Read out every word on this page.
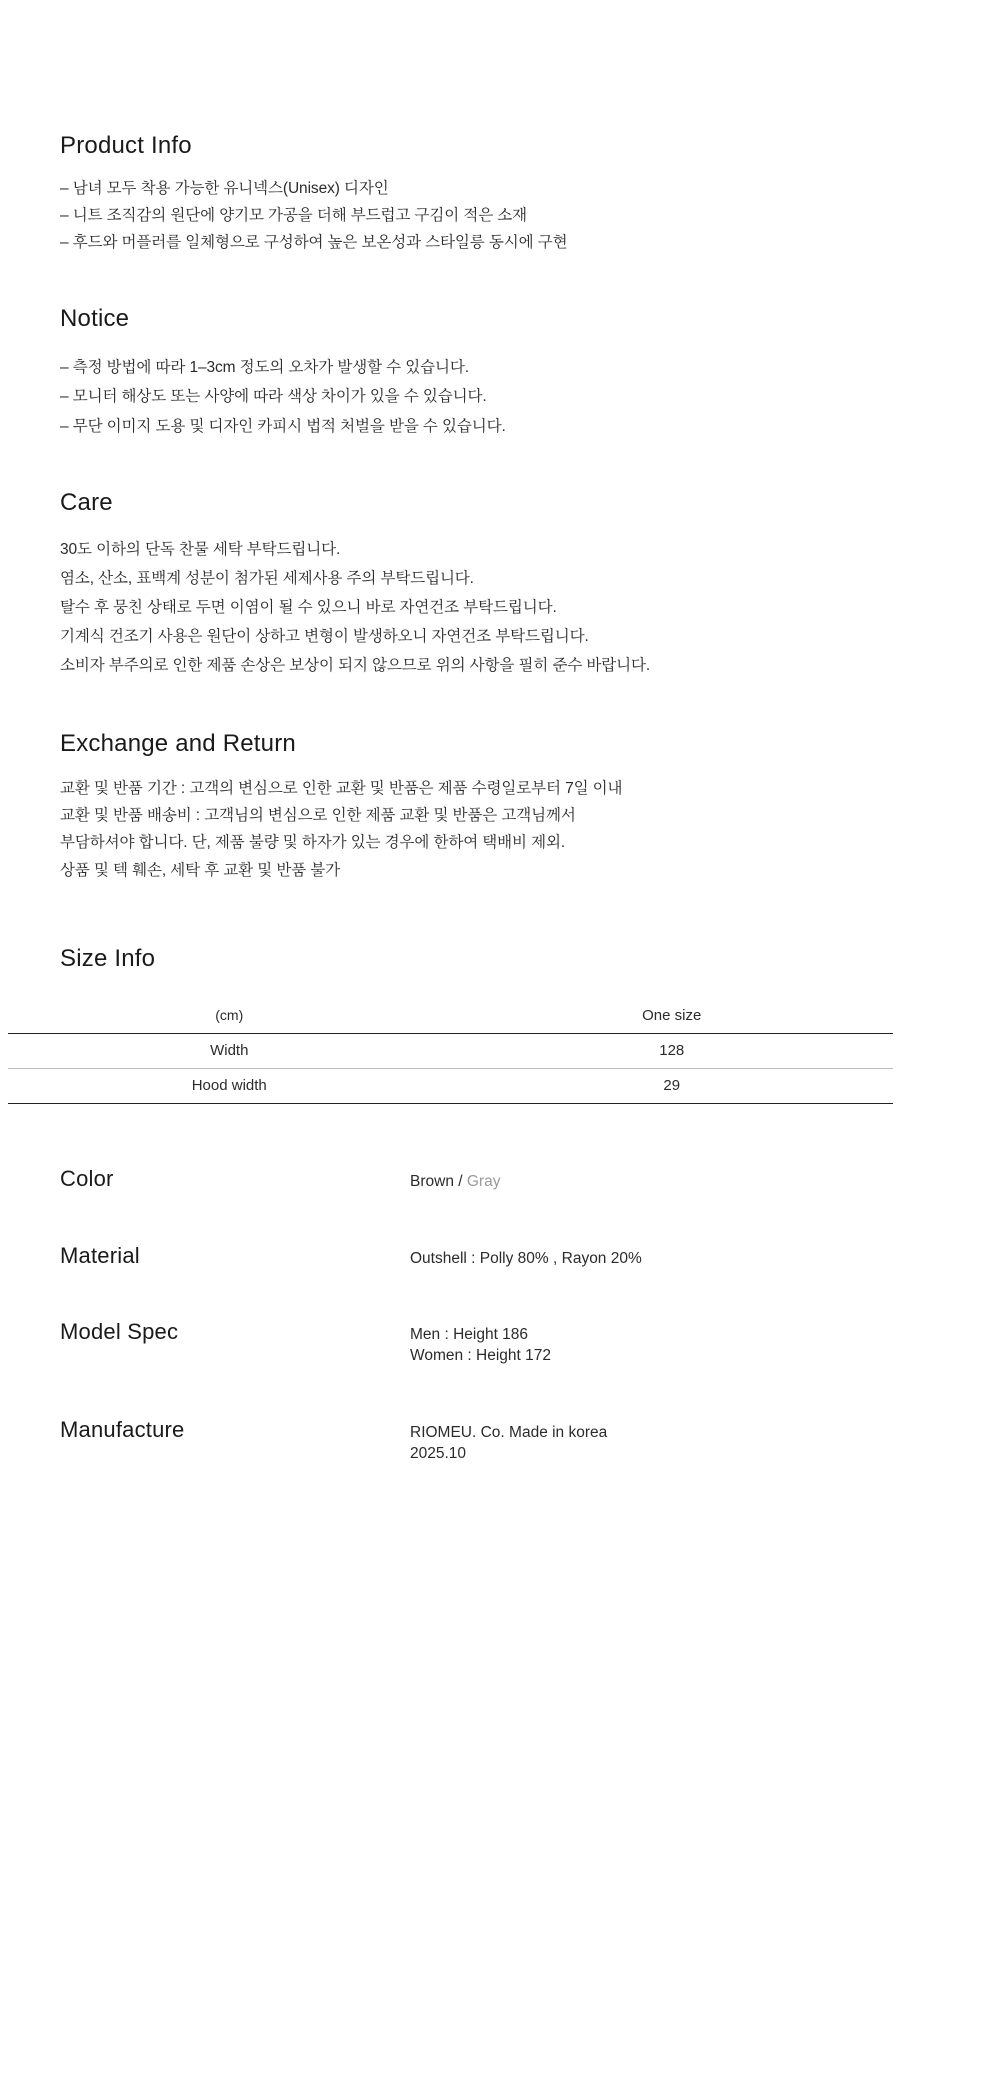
Product Info
– 남녀 모두 착용 가능한 유니넥스(Unisex) 디자인
– 니트 조직감의 원단에 양기모 가공을 더해 부드럽고 구김이 적은 소재
– 후드와 머플러를 일체형으로 구성하여 높은 보온성과 스타일릉 동시에 구현
Notice
– 측정 방법에 따라 1–3cm 정도의 오차가 발생할 수 있습니다.
– 모니터 해상도 또는 사양에 따라 색상 차이가 있을 수 있습니다.
– 무단 이미지 도용 및 디자인 카피시 법적 처벌을 받을 수 있습니다.
Care
30도 이하의 단독 찬물 세탁 부탁드립니다.
염소, 산소, 표백계 성분이 첨가된 세제사용 주의 부탁드립니다.
탈수 후 뭉친 상태로 두면 이염이 될 수 있으니 바로 자연건조 부탁드립니다.
기계식 건조기 사용은 원단이 상하고 변형이 발생하오니 자연건조 부탁드립니다.
소비자 부주의로 인한 제품 손상은 보상이 되지 않으므로 위의 사항을 필히 준수 바랍니다.
Exchange and Return
교환 및 반품 기간 : 고객의 변심으로 인한 교환 및 반품은 제품 수령일로부터 7일 이내
교환 및 반품 배송비 : 고객님의 변심으로 인한 제품 교환 및 반품은 고객님께서
부담하셔야 합니다. 단, 제품 불량 및 하자가 있는 경우에 한하여 택배비 제외.
상품 및 텍 훼손, 세탁 후 교환 및 반품 불가
Size Info
(cm)	One size
Width	128
Hood width	29
Color	Brown / Gray
Material	Outshell : Polly 80% , Rayon 20%
Model Spec	Men : Height 186
Women : Height 172
Manufacture	RIOMEU. Co. Made in korea
2025.10
